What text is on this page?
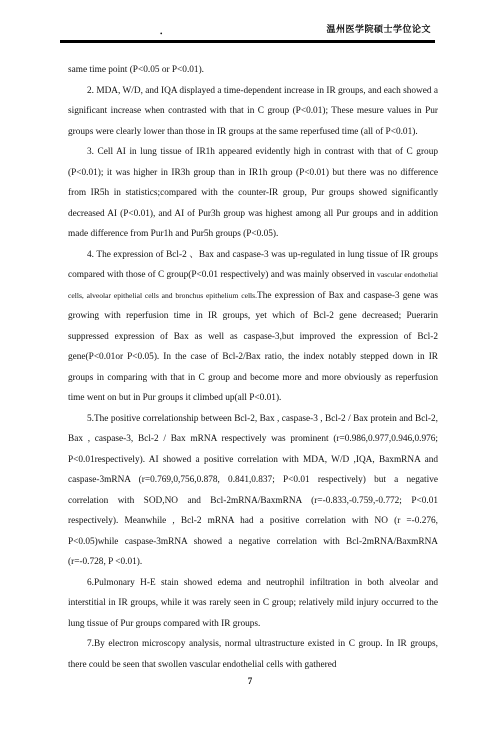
•	温州医学院硕士学位论文

same time point (P<0.05 or P<0.01).

2. MDA, W/D, and IQA displayed a time-dependent increase in IR groups, and each showed a significant increase when contrasted with that in C group (P<0.01); These mesure values in Pur groups were clearly lower than those in IR groups at the same reperfused time (all of P<0.01).

3. Cell AI in lung tissue of IR1h appeared evidently high in contrast with that of C group (P<0.01); it was higher in IR3h group than in IR1h group (P<0.01) but there was no difference from IR5h in statistics;compared with the counter-IR group, Pur groups showed significantly decreased AI (P<0.01), and AI of Pur3h group was highest among all Pur groups and in addition made difference from Pur1h and Pur5h groups (P<0.05).

4. The expression of Bcl-2 、Bax and caspase-3 was up-regulated in lung tissue of IR groups compared with those of C group(P<0.01 respectively) and was mainly observed in vascular endothelial cells, alveolar epithelial cells and bronchus epithelium cells.The expression of Bax and caspase-3 gene was growing with reperfusion time in IR groups, yet which of Bcl-2 gene decreased; Puerarin suppressed expression of Bax as well as caspase-3,but improved the expression of Bcl-2 gene(P<0.01or P<0.05). In the case of Bcl-2/Bax ratio, the index notably stepped down in IR groups in comparing with that in C group and become more and more obviously as reperfusion time went on but in Pur groups it climbed up(all P<0.01).

5.The positive correlationship between Bcl-2, Bax , caspase-3 , Bcl-2 / Bax protein and Bcl-2, Bax , caspase-3, Bcl-2 / Bax mRNA respectively was prominent (r=0.986,0.977,0.946,0.976; P<0.01respectively). AI showed a positive correlation with MDA, W/D ,IQA, BaxmRNA and caspase-3mRNA (r=0.769,0,756,0.878, 0.841,0.837; P<0.01 respectively) but a negative correlation with SOD,NO and Bcl-2mRNA/BaxmRNA (r=-0.833,-0.759,-0.772; P<0.01 respectively). Meanwhile , Bcl-2 mRNA had a positive correlation with NO (r =-0.276, P<0.05)while caspase-3mRNA showed a negative correlation with Bcl-2mRNA/BaxmRNA (r=-0.728, P <0.01).

6.Pulmonary H-E stain showed edema and neutrophil infiltration in both alveolar and interstitial in IR groups, while it was rarely seen in C group; relatively mild injury occurred to the lung tissue of Pur groups compared with IR groups.

7.By electron microscopy analysis, normal ultrastructure existed in C group. In IR groups, there could be seen that swollen vascular endothelial cells with gathered

7
